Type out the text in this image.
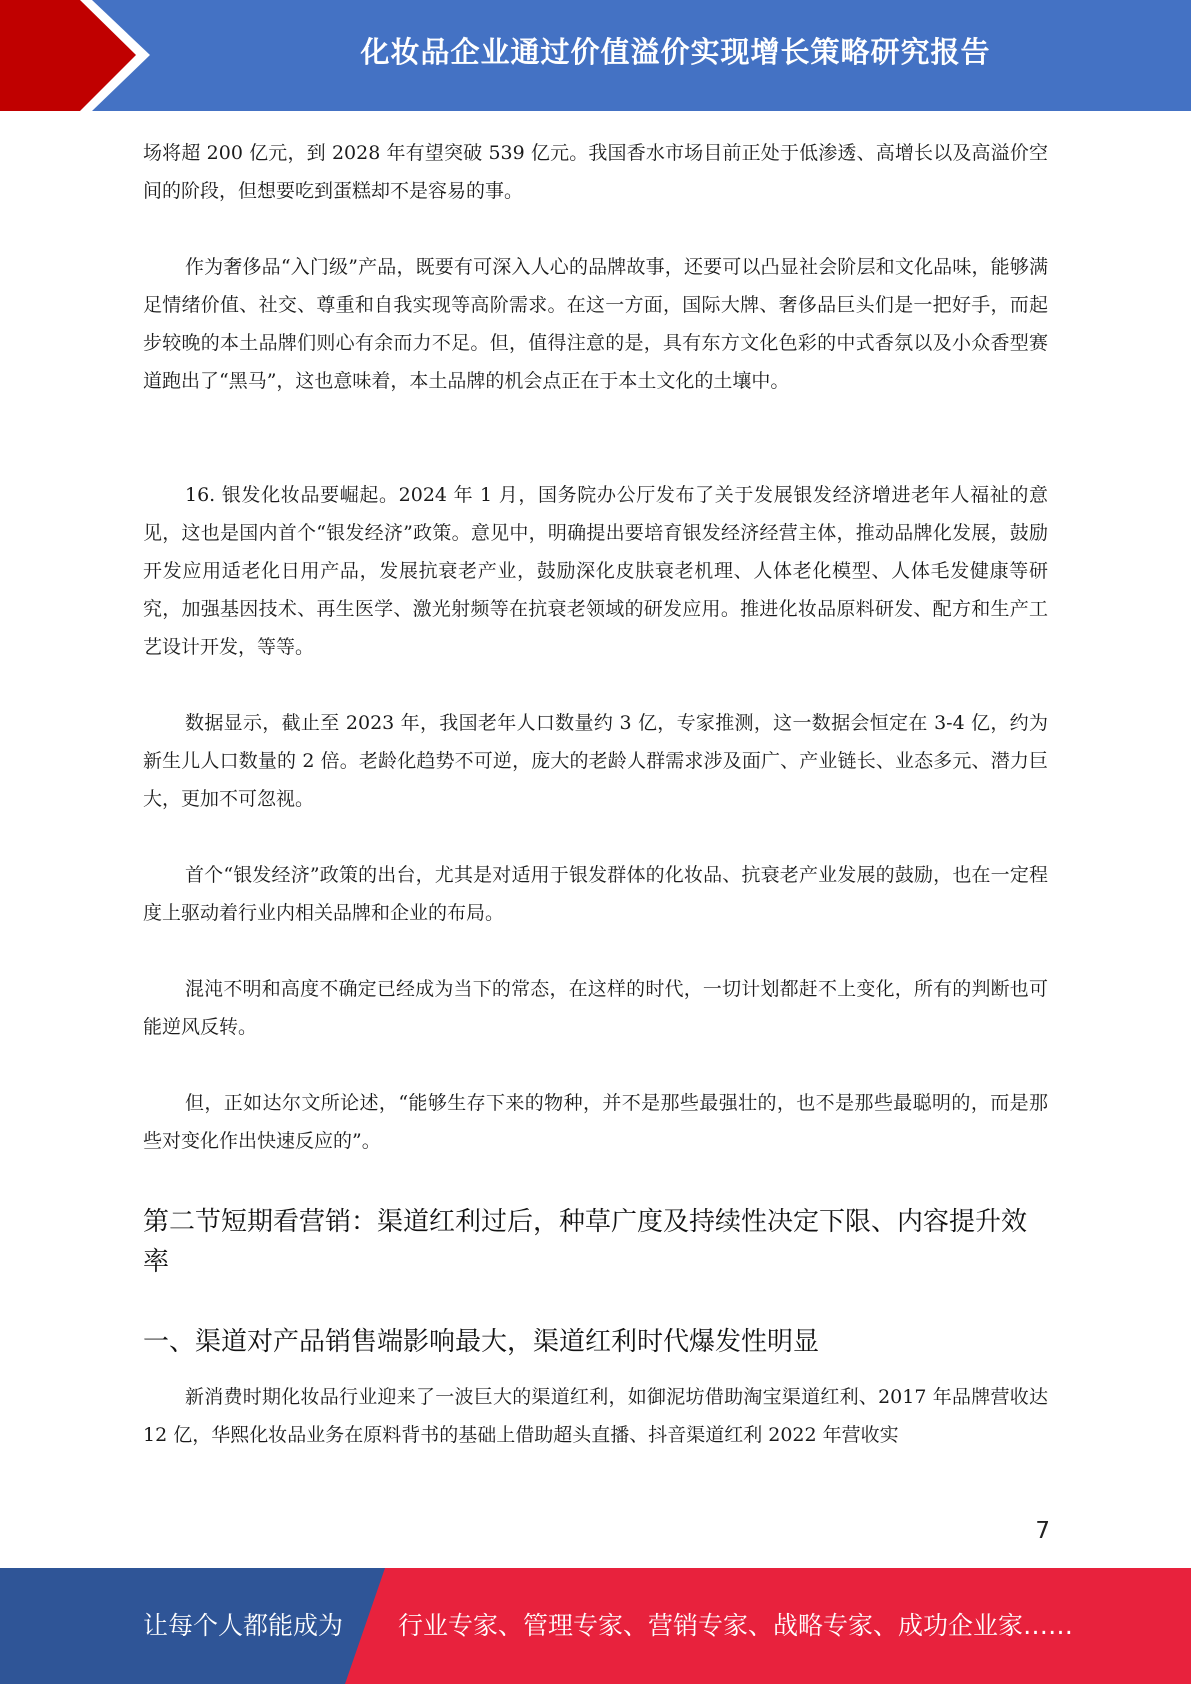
化妆品企业通过价值溢价实现增长策略研究报告

场将超 200 亿元，到 2028 年有望突破 539 亿元。我国香水市场目前正处于低渗透、高增长以及高溢价空间的阶段，但想要吃到蛋糕却不是容易的事。

作为奢侈品“入门级”产品，既要有可深入人心的品牌故事，还要可以凸显社会阶层和文化品味，能够满足情绪价值、社交、尊重和自我实现等高阶需求。在这一方面，国际大牌、奢侈品巨头们是一把好手，而起步较晚的本土品牌们则心有余而力不足。但，值得注意的是，具有东方文化色彩的中式香氛以及小众香型赛道跑出了“黑马”，这也意味着，本土品牌的机会点正在于本土文化的土壤中。

16. 银发化妆品要崛起。2024 年 1 月，国务院办公厅发布了关于发展银发经济增进老年人福祉的意见，这也是国内首个“银发经济”政策。意见中，明确提出要培育银发经济经营主体，推动品牌化发展，鼓励开发应用适老化日用产品，发展抗衰老产业，鼓励深化皮肤衰老机理、人体老化模型、人体毛发健康等研究，加强基因技术、再生医学、激光射频等在抗衰老领域的研发应用。推进化妆品原料研发、配方和生产工艺设计开发，等等。

数据显示，截止至 2023 年，我国老年人口数量约 3 亿，专家推测，这一数据会恒定在 3-4 亿，约为新生儿人口数量的 2 倍。老龄化趋势不可逆，庞大的老龄人群需求涉及面广、产业链长、业态多元、潜力巨大，更加不可忽视。

首个“银发经济”政策的出台，尤其是对适用于银发群体的化妆品、抗衰老产业发展的鼓励，也在一定程度上驱动着行业内相关品牌和企业的布局。

混沌不明和高度不确定已经成为当下的常态，在这样的时代，一切计划都赶不上变化，所有的判断也可能逆风反转。

但，正如达尔文所论述，“能够生存下来的物种，并不是那些最强壮的，也不是那些最聪明的，而是那些对变化作出快速反应的”。

第二节短期看营销：渠道红利过后，种草广度及持续性决定下限、内容提升效率
一、渠道对产品销售端影响最大，渠道红利时代爆发性明显

新消费时期化妆品行业迎来了一波巨大的渠道红利，如御泥坊借助淘宝渠道红利、2017 年品牌营收达 12 亿，华熙化妆品业务在原料背书的基础上借助超头直播、抖音渠道红利 2022 年营收实

7
让每个人都能成为 行业专家、管理专家、营销专家、战略专家、成功企业家……
